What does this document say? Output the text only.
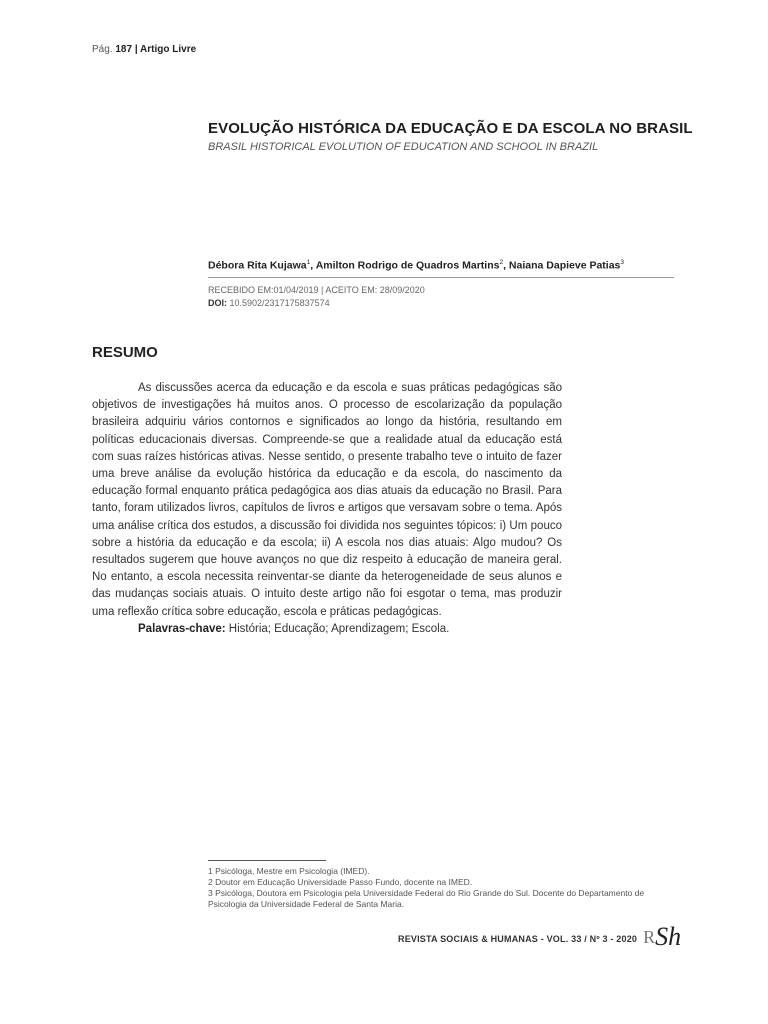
Pág. 187 | Artigo Livre
EVOLUÇÃO HISTÓRICA DA EDUCAÇÃO E DA ESCOLA NO BRASIL
BRASIL HISTORICAL EVOLUTION OF EDUCATION AND SCHOOL IN BRAZIL
Débora Rita Kujawa$^1$, Amilton Rodrigo de Quadros Martins$^2$, Naiana Dapieve Patias$^3$
RECEBIDO EM:01/04/2019 | ACEITO EM: 28/09/2020
DOI: 10.5902/2317175837574
RESUMO

As discussões acerca da educação e da escola e suas práticas pedagógicas são objetivos de investigações há muitos anos. O processo de escolarização da população brasileira adquiriu vários contornos e significados ao longo da história, resultando em políticas educacionais diversas. Compreende-se que a realidade atual da educação está com suas raízes históricas ativas. Nesse sentido, o presente trabalho teve o intuito de fazer uma breve análise da evolução histórica da educação e da escola, do nascimento da educação formal enquanto prática pedagógica aos dias atuais da educação no Brasil. Para tanto, foram utilizados livros, capítulos de livros e artigos que versavam sobre o tema. Após uma análise crítica dos estudos, a discussão foi dividida nos seguintes tópicos: i) Um pouco sobre a história da educação e da escola; ii) A escola nos dias atuais: Algo mudou? Os resultados sugerem que houve avanços no que diz respeito à educação de maneira geral. No entanto, a escola necessita reinventar-se diante da heterogeneidade de seus alunos e das mudanças sociais atuais. O intuito deste artigo não foi esgotar o tema, mas produzir uma reflexão crítica sobre educação, escola e práticas pedagógicas.

Palavras-chave: História; Educação; Aprendizagem; Escola.

1 Psicóloga, Mestre em Psicologia (IMED).
2 Doutor em Educação Universidade Passo Fundo, docente na IMED.
3 Psicóloga, Doutora em Psicologia pela Universidade Federal do Rio Grande do Sul. Docente do Departamento de Psicologia da Universidade Federal de Santa Maria.
REVISTA SOCIAIS & HUMANAS - VOL. 33 / Nº 3 - 2020 $^R$Sh
